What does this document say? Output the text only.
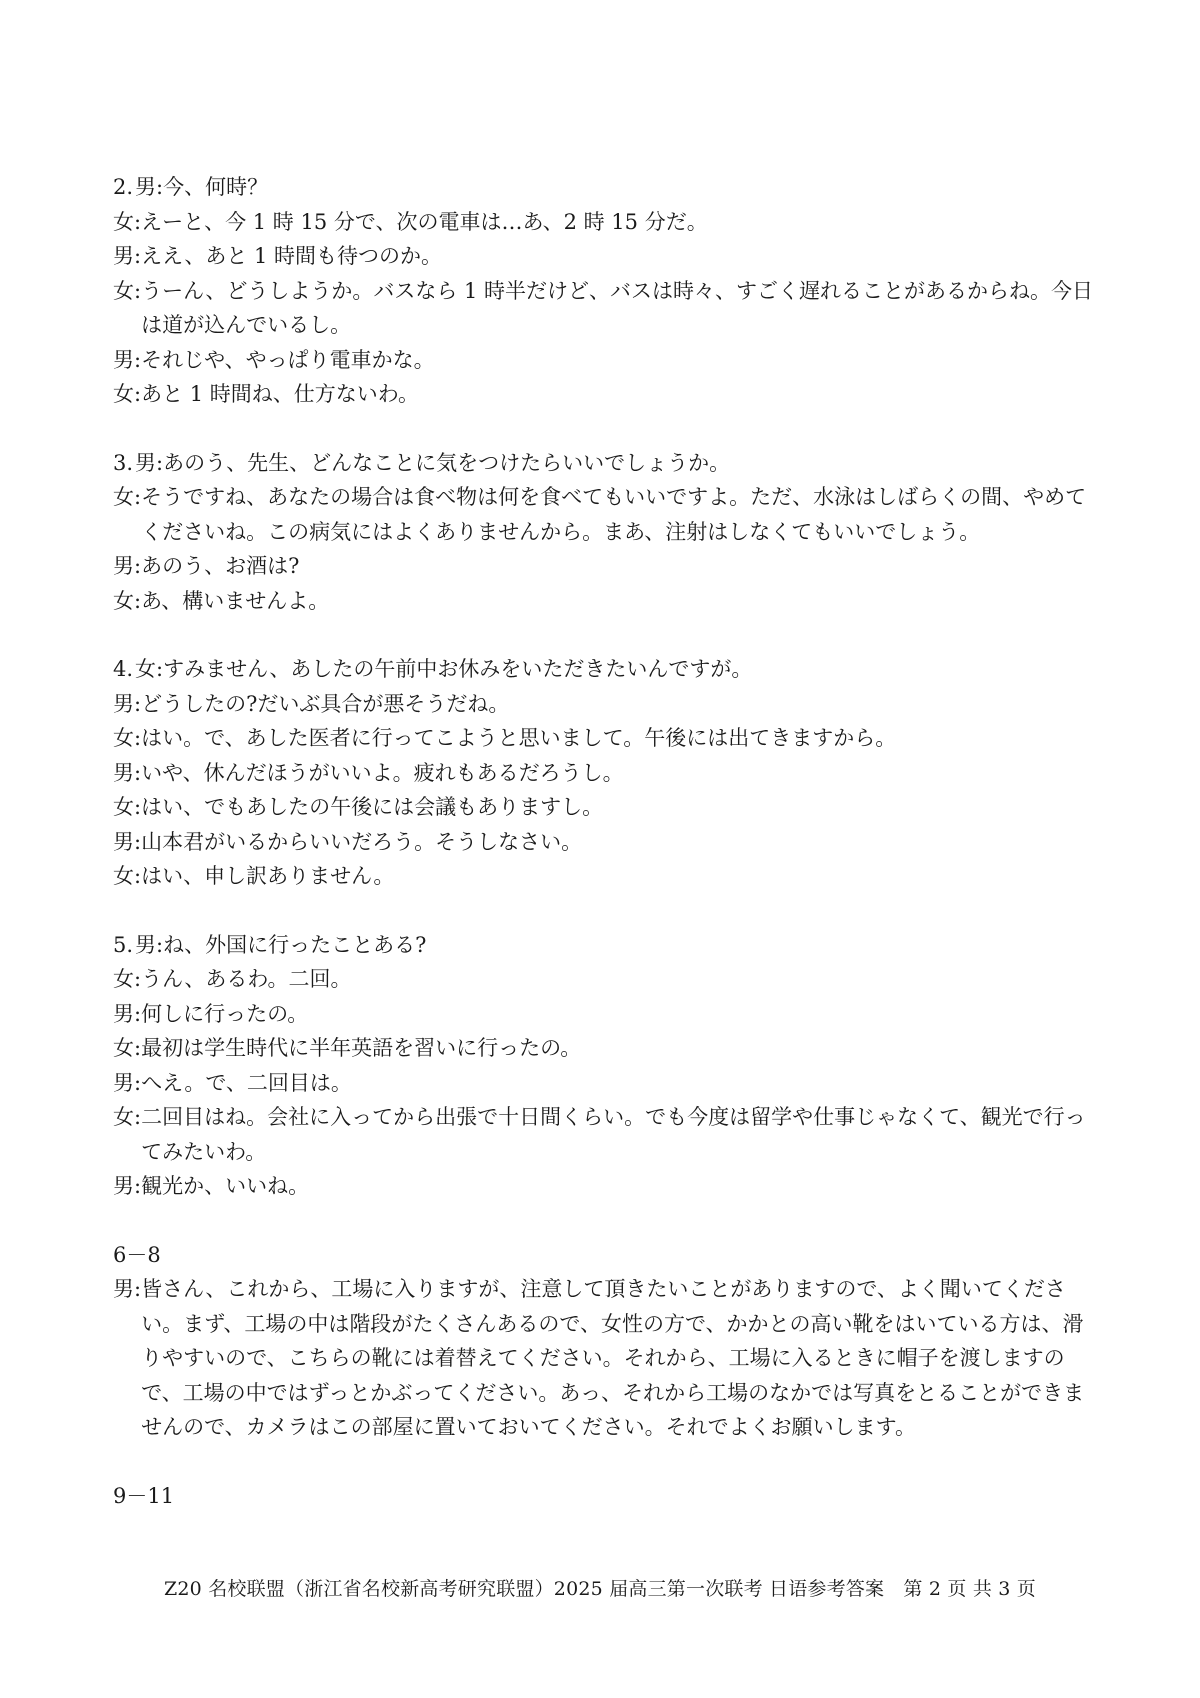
2. 男 : 今、何時？
女 : えーと、今 1 時 15 分で、次の電車は…あ、2 時 15 分だ。
男 : ええ、あと 1 時間も待つのか。
女 : うーん、どうしようか。バスなら 1 時半だけど、バスは時々、すごく遅れることがあるからね。今日は道が込んでいるし。
男 : それじや、やっぱり電車かな。
女 : あと 1 時間ね、仕方ないわ。
3. 男 : あのう、先生、どんなことに気をつけたらいいでしょうか。
女 : そうですね、あなたの場合は食べ物は何を食べてもいいですよ。ただ、水泳はしばらくの間、やめてくださいね。この病気にはよくありませんから。まあ、注射はしなくてもいいでしょう。
男 : あのう、お酒は?
女 : あ、構いませんよ。
4. 女 : すみません、あしたの午前中お休みをいただきたいんですが。
男 : どうしたの?だいぶ具合が悪そうだね。
女 : はい。で、あした医者に行ってこようと思いまして。午後には出てきますから。
男 : いや、休んだほうがいいよ。疲れもあるだろうし。
女 : はい、でもあしたの午後には会議もありますし。
男 : 山本君がいるからいいだろう。そうしなさい。
女 : はい、申し訳ありません。
5. 男 : ね、外国に行ったことある?
女 : うん、あるわ。二回。
男 : 何しに行ったの。
女 : 最初は学生時代に半年英語を習いに行ったの。
男 : へえ。で、二回目は。
女 : 二回目はね。会社に入ってから出張で十日間くらい。でも今度は留学や仕事じゃなくて、観光で行ってみたいわ。
男 : 観光か、いいね。

6－8

男 : 皆さん、これから、工場に入りますが、注意して頂きたいことがありますので、よく聞いてください。まず、工場の中は階段がたくさんあるので、女性の方で、かかとの高い靴をはいている方は、滑りやすいので、こちらの靴には着替えてください。それから、工場に入るときに帽子を渡しますので、工場の中ではずっとかぶってください。あっ、それから工場のなかでは写真をとることができませんので、カメラはこの部屋に置いておいてください。それでよくお願いします。

9－11

Z20 名校联盟（浙江省名校新高考研究联盟）2025 届高三第一次联考 日语参考答案　第 2 页 共 3 页
